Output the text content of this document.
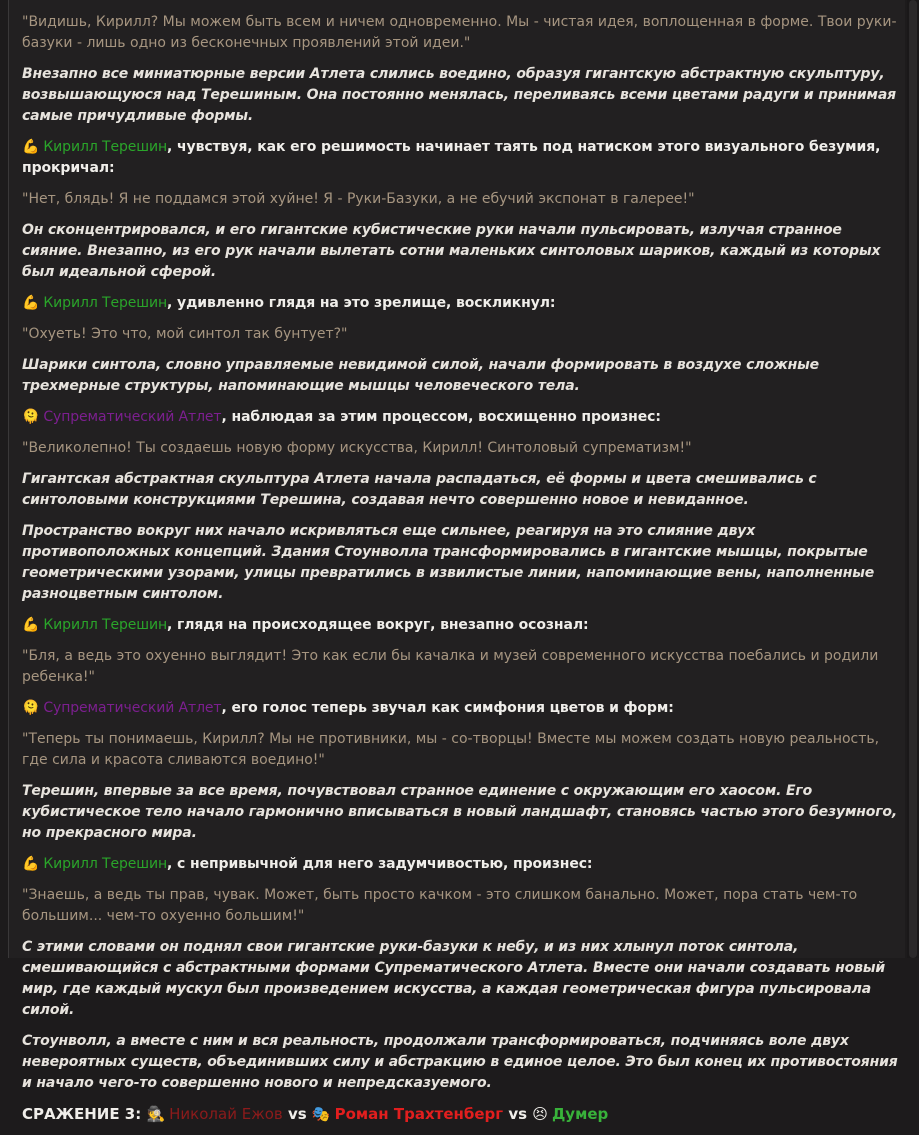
"Видишь, Кирилл? Мы можем быть всем и ничем одновременно. Мы - чистая идея, воплощенная в форме. Твои руки-базуки - лишь одно из бесконечных проявлений этой идеи."

Внезапно все миниатюрные версии Атлета слились воедино, образуя гигантскую абстрактную скульптуру, возвышающуюся над Терешиным. Она постоянно менялась, переливаясь всеми цветами радуги и принимая самые причудливые формы.

💪 Кирилл Терешин, чувствуя, как его решимость начинает таять под натиском этого визуального безумия, прокричал:

"Нет, блядь! Я не поддамся этой хуйне! Я - Руки-Базуки, а не ебучий экспонат в галерее!"

Он сконцентрировался, и его гигантские кубистические руки начали пульсировать, излучая странное сияние. Внезапно, из его рук начали вылетать сотни маленьких синтоловых шариков, каждый из которых был идеальной сферой.

💪 Кирилл Терешин, удивленно глядя на это зрелище, воскликнул:

"Охуеть! Это что, мой синтол так бунтует?"

Шарики синтола, словно управляемые невидимой силой, начали формировать в воздухе сложные трехмерные структуры, напоминающие мышцы человеческого тела.

🫠 Супрематический Атлет, наблюдая за этим процессом, восхищенно произнес:

"Великолепно! Ты создаешь новую форму искусства, Кирилл! Синтоловый супрематизм!"

Гигантская абстрактная скульптура Атлета начала распадаться, её формы и цвета смешивались с синтоловыми конструкциями Терешина, создавая нечто совершенно новое и невиданное.

Пространство вокруг них начало искривляться еще сильнее, реагируя на это слияние двух противоположных концепций. Здания Стоунволла трансформировались в гигантские мышцы, покрытые геометрическими узорами, улицы превратились в извилистые линии, напоминающие вены, наполненные разноцветным синтолом.

💪 Кирилл Терешин, глядя на происходящее вокруг, внезапно осознал:

"Бля, а ведь это охуенно выглядит! Это как если бы качалка и музей современного искусства поебались и родили ребенка!"

🫠 Супрематический Атлет, его голос теперь звучал как симфония цветов и форм:

"Теперь ты понимаешь, Кирилл? Мы не противники, мы - со-творцы! Вместе мы можем создать новую реальность, где сила и красота сливаются воедино!"

Терешин, впервые за все время, почувствовал странное единение с окружающим его хаосом. Его кубистическое тело начало гармонично вписываться в новый ландшафт, становясь частью этого безумного, но прекрасного мира.

💪 Кирилл Терешин, с непривычной для него задумчивостью, произнес:

"Знаешь, а ведь ты прав, чувак. Может, быть просто качком - это слишком банально. Может, пора стать чем-то большим... чем-то охуенно большим!"

С этими словами он поднял свои гигантские руки-базуки к небу, и из них хлынул поток синтола, смешивающийся с абстрактными формами Супрематического Атлета. Вместе они начали создавать новый мир, где каждый мускул был произведением искусства, а каждая геометрическая фигура пульсировала силой.

Стоунволл, а вместе с ним и вся реальность, продолжали трансформироваться, подчиняясь воле двух невероятных существ, объединивших силу и абстракцию в единое целое. Это был конец их противостояния и начало чего-то совершенно нового и непредсказуемого.

СРАЖЕНИЕ 3: 🕵️ Николай Ежов vs 🎭 Роман Трахтенберг vs 😣 Думер
